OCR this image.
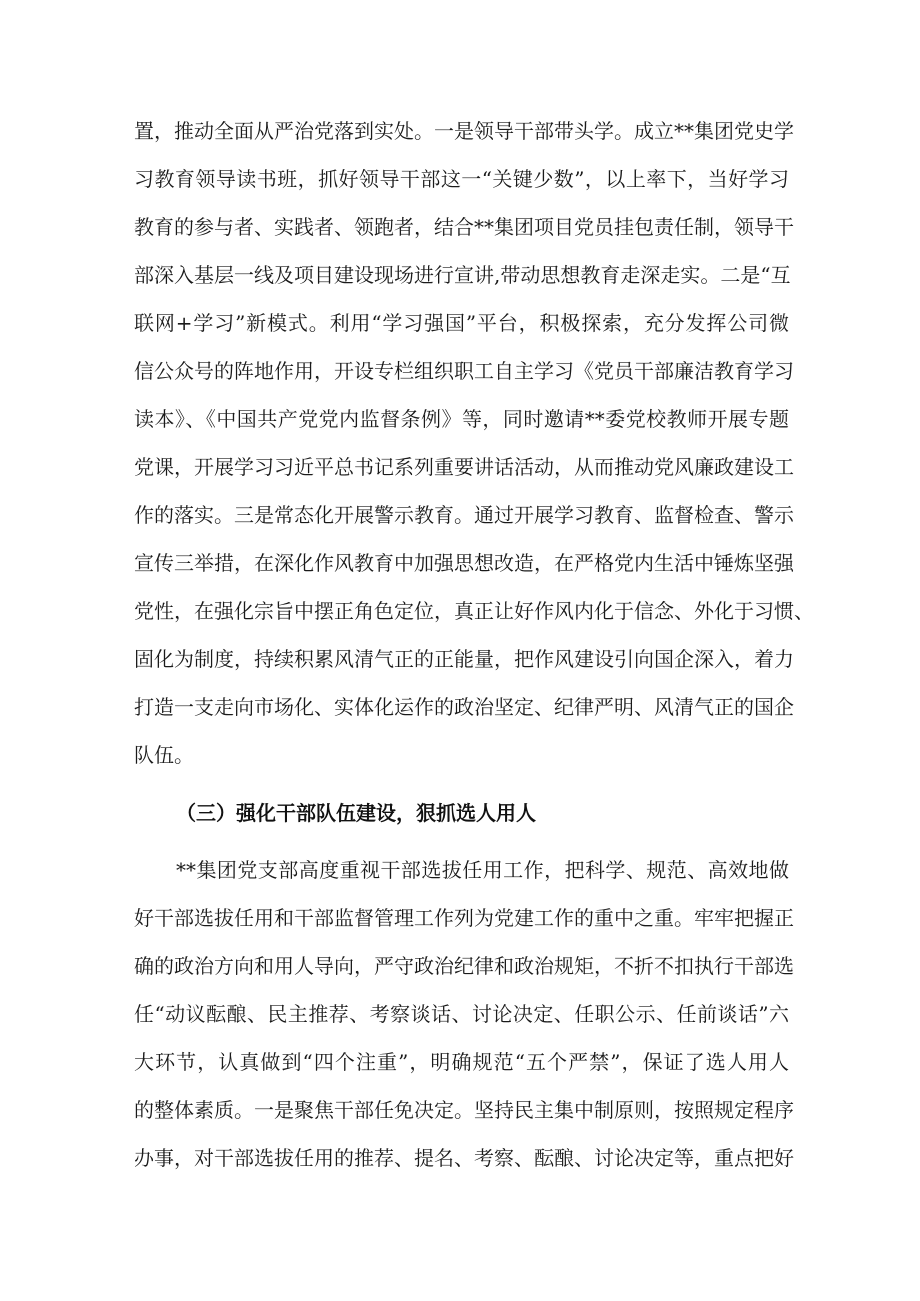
置，推动全面从严治党落到实处。一是领导干部带头学。成立**集团党史学
习教育领导读书班，抓好领导干部这一“关键少数”，以上率下，当好学习
教育的参与者、实践者、领跑者，结合**集团项目党员挂包责任制，领导干
部深入基层一线及项目建设现场进行宣讲,带动思想教育走深走实。二是“互
联网+学习”新模式。利用“学习强国”平台，积极探索，充分发挥公司微
信公众号的阵地作用，开设专栏组织职工自主学习《党员干部廉洁教育学习
读本》、《中国共产党党内监督条例》等，同时邀请**委党校教师开展专题
党课，开展学习习近平总书记系列重要讲话活动，从而推动党风廉政建设工
作的落实。三是常态化开展警示教育。通过开展学习教育、监督检查、警示
宣传三举措，在深化作风教育中加强思想改造，在严格党内生活中锤炼坚强
党性，在强化宗旨中摆正角色定位，真正让好作风内化于信念、外化于习惯、
固化为制度，持续积累风清气正的正能量，把作风建设引向国企深入，着力
打造一支走向市场化、实体化运作的政治坚定、纪律严明、风清气正的国企
队伍。
（三）强化干部队伍建设，狠抓选人用人
**集团党支部高度重视干部选拔任用工作，把科学、规范、高效地做
好干部选拔任用和干部监督管理工作列为党建工作的重中之重。牢牢把握正
确的政治方向和用人导向，严守政治纪律和政治规矩，不折不扣执行干部选
任“动议酝酿、民主推荐、考察谈话、讨论决定、任职公示、任前谈话”六
大环节，认真做到“四个注重”，明确规范“五个严禁”，保证了选人用人
的整体素质。一是聚焦干部任免决定。坚持民主集中制原则，按照规定程序
办事，对干部选拔任用的推荐、提名、考察、酝酿、讨论决定等，重点把好
